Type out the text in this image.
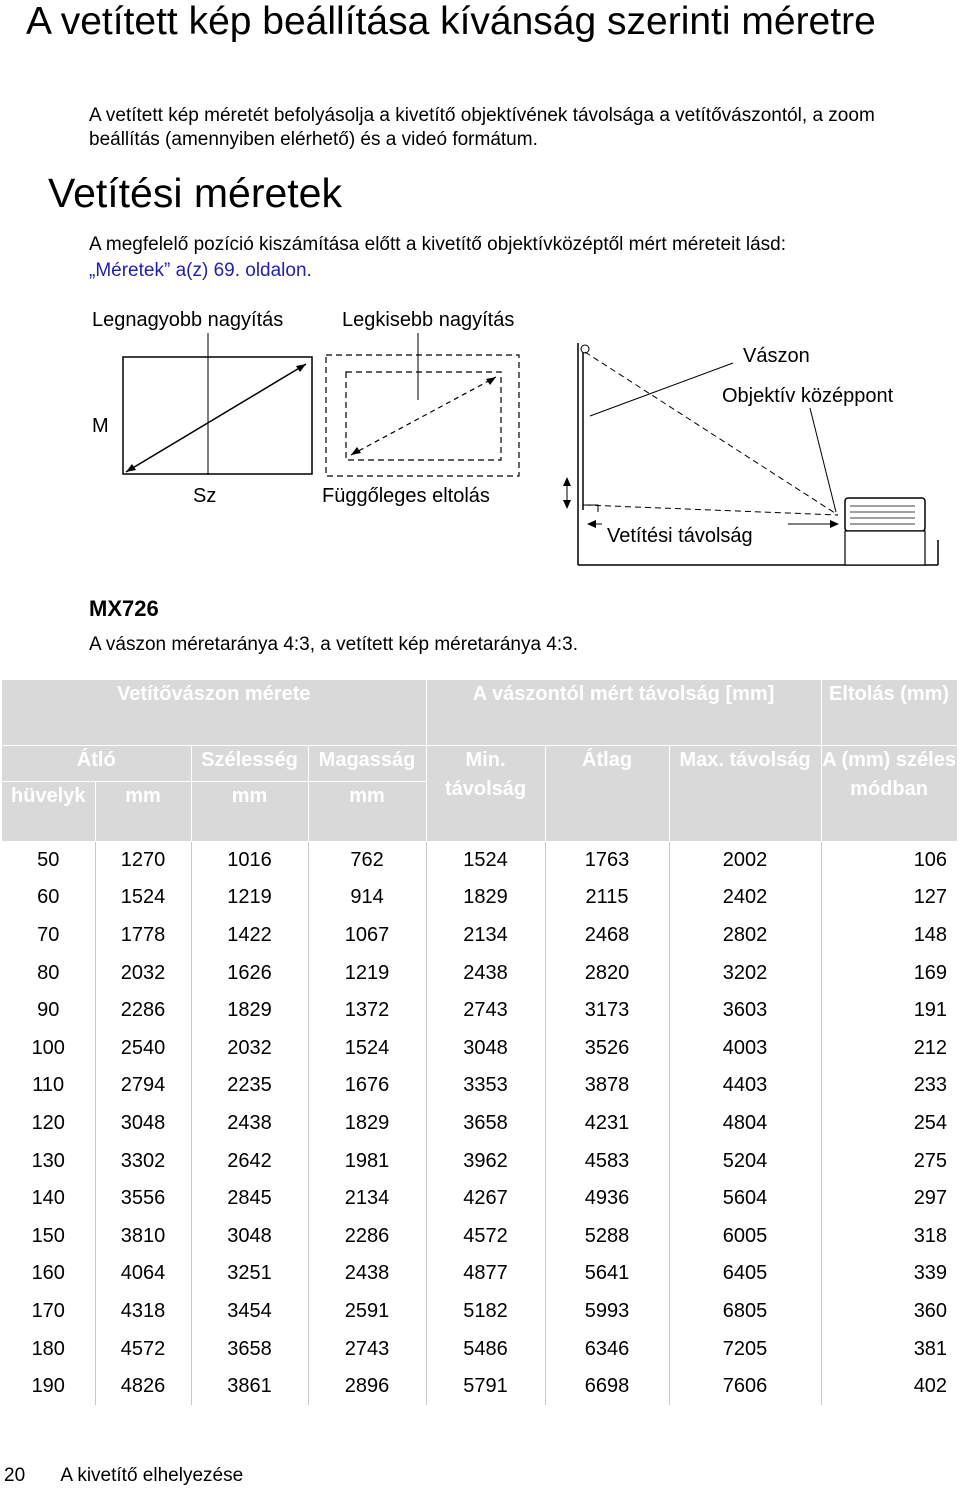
A vetített kép beállítása kívánság szerinti méretre

A vetített kép méretét befolyásolja a kivetítő objektívének távolsága a vetítővászontól, a zoom beállítás (amennyiben elérhető) és a videó formátum.

Vetítési méretek

A megfelelő pozíció kiszámítása előtt a kivetítő objektívközéptől mért méreteit lásd:
„Méretek” a(z) 69. oldalon.

Legnagyobb nagyítás	Legkisebb nagyítás
M
Sz	Függőleges eltolás
Vászon
Objektív középpont
Vetítési távolság
MX726

A vászon méretaránya 4:3, a vetített kép méretaránya 4:3.

Vetítővászon mérete				A vászontól mért távolság [mm]			Eltolás (mm)
Átló		Szélesség	Magasság	Min. távolság	Átlag	Max. távolság	A (mm) széles módban
hüvelyk	mm	mm	mm				
50	1270	1016	762	1524	1763	2002	106
60	1524	1219	914	1829	2115	2402	127
70	1778	1422	1067	2134	2468	2802	148
80	2032	1626	1219	2438	2820	3202	169
90	2286	1829	1372	2743	3173	3603	191
100	2540	2032	1524	3048	3526	4003	212
110	2794	2235	1676	3353	3878	4403	233
120	3048	2438	1829	3658	4231	4804	254
130	3302	2642	1981	3962	4583	5204	275
140	3556	2845	2134	4267	4936	5604	297
150	3810	3048	2286	4572	5288	6005	318
160	4064	3251	2438	4877	5641	6405	339
170	4318	3454	2591	5182	5993	6805	360
180	4572	3658	2743	5486	6346	7205	381
190	4826	3861	2896	5791	6698	7606	402
20 A kivetítő elhelyezése
